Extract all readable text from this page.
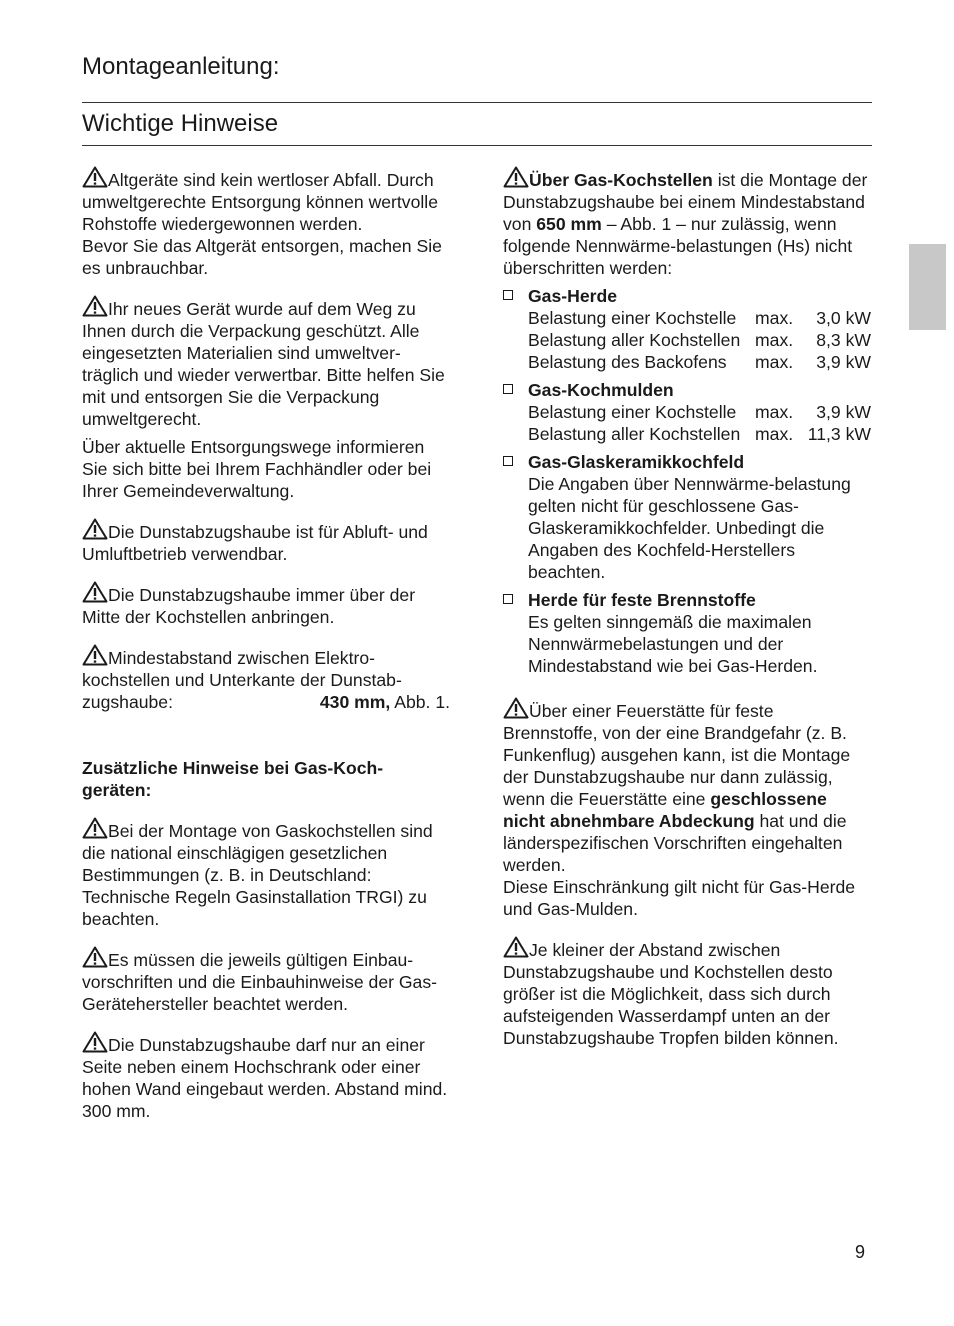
Montageanleitung:
Wichtige Hinweise

Altgeräte sind kein wertloser Abfall. Durch umweltgerechte Entsorgung können wertvolle Rohstoffe wiedergewonnen werden.

Bevor Sie das Altgerät entsorgen, machen Sie es unbrauchbar.

Ihr neues Gerät wurde auf dem Weg zu Ihnen durch die Verpackung geschützt. Alle eingesetzten Materialien sind umweltver-träglich und wieder verwertbar. Bitte helfen Sie mit und entsorgen Sie die Verpackung umweltgerecht.

Über aktuelle Entsorgungswege informieren Sie sich bitte bei Ihrem Fachhändler oder bei Ihrer Gemeindeverwaltung.

Die Dunstabzugshaube ist für Abluft- und Umluftbetrieb verwendbar.

Die Dunstabzugshaube immer über der Mitte der Kochstellen anbringen.

Mindestabstand zwischen Elektro-kochstellen und Unterkante der Dunstab-

zugshaube:	430 mm, Abb. 1.

Zusätzliche Hinweise bei Gas-Koch-geräten:

Bei der Montage von Gaskochstellen sind die national einschlägigen gesetzlichen Bestimmungen (z. B. in Deutschland: Technische Regeln Gasinstallation TRGI) zu beachten.

Es müssen die jeweils gültigen Einbau-vorschriften und die Einbauhinweise der Gas-Gerätehersteller beachtet werden.

Die Dunstabzugshaube darf nur an einer Seite neben einem Hochschrank oder einer hohen Wand eingebaut werden. Abstand mind. 300 mm.

Über Gas-Kochstellen ist die Montage der Dunstabzugshaube bei einem Mindestabstand von 650 mm – Abb. 1 – nur zulässig, wenn folgende Nennwärme-belastungen (Hs) nicht überschritten werden:

Gas-Herde
Belastung einer Kochstelle	max.	3,0 kW
Belastung aller Kochstellen max.	8,3 kW
Belastung des Backofens	max.	3,9 kW
Gas-Kochmulden
Belastung einer Kochstelle	max.	3,9 kW
Belastung aller Kochstellen max. 11,3 kW
Gas-Glaskeramikkochfeld
Die Angaben über Nennwärme-belastung gelten nicht für geschlossene Gas-Glaskeramikkochfelder. Unbedingt die Angaben des Kochfeld-Herstellers beachten.
Herde für feste Brennstoffe
Es gelten sinngemäß die maximalen Nennwärmebelastungen und der Mindestabstand wie bei Gas-Herden.

Über einer Feuerstätte für feste Brennstoffe, von der eine Brandgefahr (z. B. Funkenflug) ausgehen kann, ist die Montage der Dunstabzugshaube nur dann zulässig, wenn die Feuerstätte eine geschlossene nicht abnehmbare Abdeckung hat und die länderspezifischen Vorschriften eingehalten werden.

Diese Einschränkung gilt nicht für Gas-Herde und Gas-Mulden.

Je kleiner der Abstand zwischen Dunstabzugshaube und Kochstellen desto größer ist die Möglichkeit, dass sich durch aufsteigenden Wasserdampf unten an der Dunstabzugshaube Tropfen bilden können.

9
